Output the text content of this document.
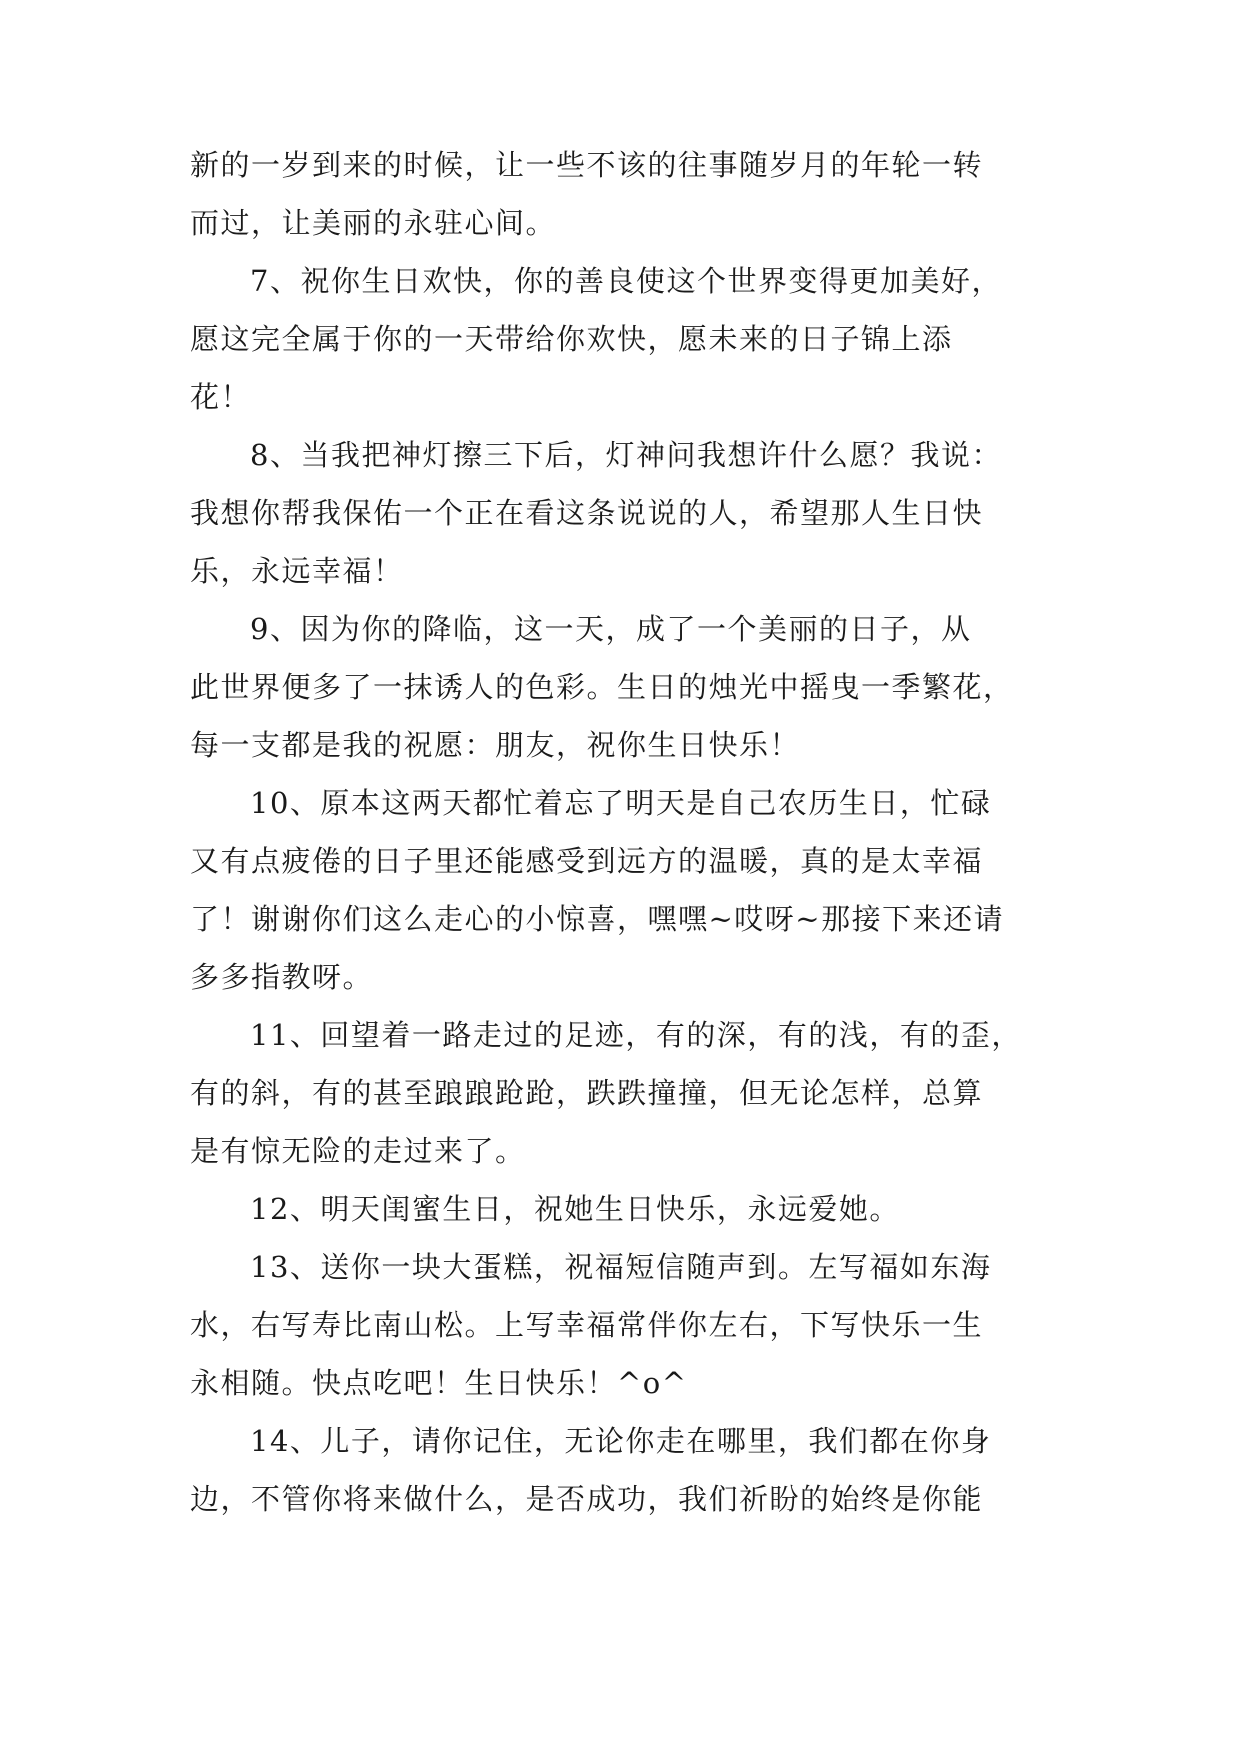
新的一岁到来的时候，让一些不该的往事随岁月的年轮一转
而过，让美丽的永驻心间。
7、祝你生日欢快，你的善良使这个世界变得更加美好，
愿这完全属于你的一天带给你欢快，愿未来的日子锦上添
花！
8、当我把神灯擦三下后，灯神问我想许什么愿？我说：
我想你帮我保佑一个正在看这条说说的人，希望那人生日快
乐，永远幸福！
9、因为你的降临，这一天，成了一个美丽的日子，从
此世界便多了一抹诱人的色彩。生日的烛光中摇曳一季繁花，
每一支都是我的祝愿：朋友，祝你生日快乐！
10、原本这两天都忙着忘了明天是自己农历生日，忙碌
又有点疲倦的日子里还能感受到远方的温暖，真的是太幸福
了！谢谢你们这么走心的小惊喜，嘿嘿~哎呀~那接下来还请
多多指教呀。
11、回望着一路走过的足迹，有的深，有的浅，有的歪，
有的斜，有的甚至踉踉跄跄，跌跌撞撞，但无论怎样，总算
是有惊无险的走过来了。
12、明天闺蜜生日，祝她生日快乐，永远爱她。
13、送你一块大蛋糕，祝福短信随声到。左写福如东海
水，右写寿比南山松。上写幸福常伴你左右，下写快乐一生
永相随。快点吃吧！生日快乐！^o^
14、儿子，请你记住，无论你走在哪里，我们都在你身
边，不管你将来做什么，是否成功，我们祈盼的始终是你能
